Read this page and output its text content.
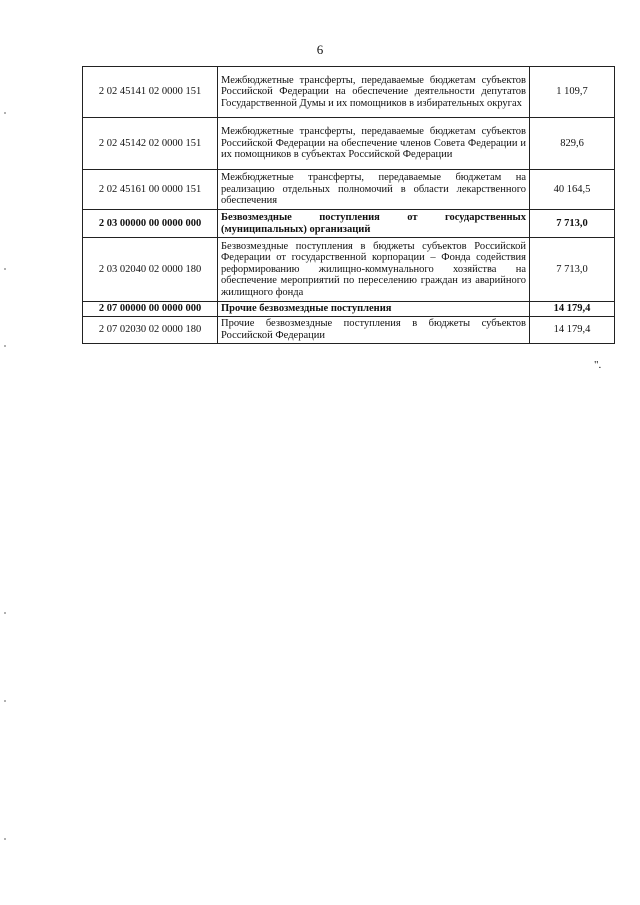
6
2 02 45141 02 0000 151	Межбюджетные трансферты, передаваемые бюджетам субъектов Российской Федерации на обеспечение деятельности депутатов Государственной Думы и их помощников в избирательных округах	1 109,7
2 02 45142 02 0000 151	Межбюджетные трансферты, передаваемые бюджетам субъектов Российской Федерации на обеспечение членов Совета Федерации и их помощников в субъектах Российской Федерации	829,6
2 02 45161 00 0000 151	Межбюджетные трансферты, передаваемые бюджетам на реализацию отдельных полномочий в области лекарственного обеспечения	40 164,5
2 03 00000 00 0000 000	Безвозмездные поступления от государственных (муниципальных) организаций	7 713,0
2 03 02040 02 0000 180	Безвозмездные поступления в бюджеты субъектов Российской Федерации от государственной корпорации – Фонда содействия реформированию жилищно-коммунального хозяйства на обеспечение мероприятий по переселению граждан из аварийного жилищного фонда	7 713,0
2 07 00000 00 0000 000	Прочие безвозмездные поступления	14 179,4
2 07 02030 02 0000 180	Прочие безвозмездные поступления в бюджеты субъектов Российской Федерации	14 179,4
".
